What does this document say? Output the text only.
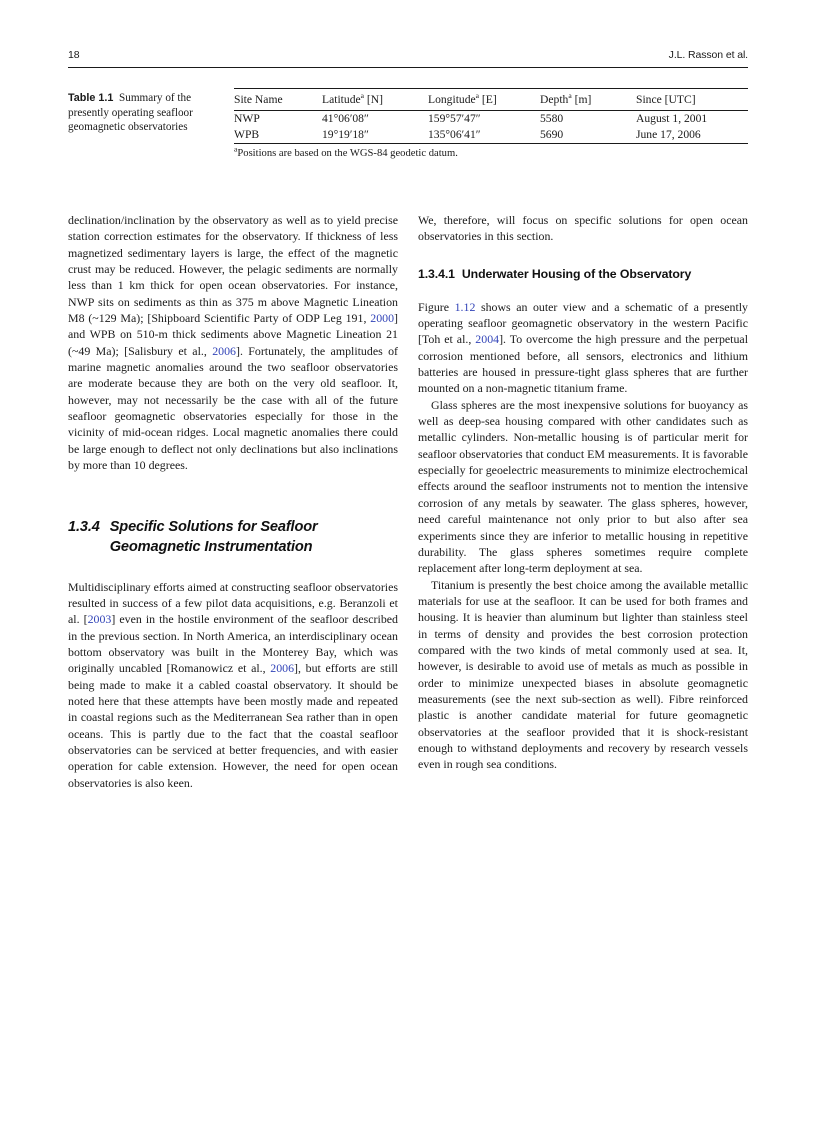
18	J.L. Rasson et al.
Table 1.1 Summary of the presently operating seafloor geomagnetic observatories
Site Name	Latitude$^a$ [N]	Longitude$^a$ [E]	Depth$^a$ [m]	Since [UTC]
NWP	41°06′08″	159°57′47″	5580	August 1, 2001
WPB	19°19′18″	135°06′41″	5690	June 17, 2006
$^a$Positions are based on the WGS-84 geodetic datum.

declination/inclination by the observatory as well as to yield precise station correction estimates for the observatory. If thickness of less magnetized sedimentary layers is large, the effect of the magnetic crust may be reduced. However, the pelagic sediments are normally less than 1 km thick for open ocean observatories. For instance, NWP sits on sediments as thin as 375 m above Magnetic Lineation M8 (~129 Ma); [Shipboard Scientific Party of ODP Leg 191, 2000] and WPB on 510-m thick sediments above Magnetic Lineation 21 (~49 Ma); [Salisbury et al., 2006]. Fortunately, the amplitudes of marine magnetic anomalies around the two seafloor observatories are moderate because they are both on the very old seafloor. It, however, may not necessarily be the case with all of the future seafloor geomagnetic observatories especially for those in the vicinity of mid-ocean ridges. Local magnetic anomalies there could be large enough to deflect not only declinations but also inclinations by more than 10 degrees.

1.3.4 Specific Solutions for Seafloor Geomagnetic Instrumentation

Multidisciplinary efforts aimed at constructing seafloor observatories resulted in success of a few pilot data acquisitions, e.g. Beranzoli et al. [2003] even in the hostile environment of the seafloor described in the previous section. In North America, an interdisciplinary ocean bottom observatory was built in the Monterey Bay, which was originally uncabled [Romanowicz et al., 2006], but efforts are still being made to make it a cabled coastal observatory. It should be noted here that these attempts have been mostly made and repeated in coastal regions such as the Mediterranean Sea rather than in open oceans. This is partly due to the fact that the coastal seafloor observatories can be serviced at better frequencies, and with easier operation for cable extension. However, the need for open ocean observatories is also keen.

We, therefore, will focus on specific solutions for open ocean observatories in this section.

1.3.4.1 Underwater Housing of the Observatory

Figure 1.12 shows an outer view and a schematic of a presently operating seafloor geomagnetic observatory in the western Pacific [Toh et al., 2004]. To overcome the high pressure and the perpetual corrosion mentioned before, all sensors, electronics and lithium batteries are housed in pressure-tight glass spheres that are further mounted on a non-magnetic titanium frame.

Glass spheres are the most inexpensive solutions for buoyancy as well as deep-sea housing compared with other candidates such as metallic cylinders. Non-metallic housing is of particular merit for seafloor observatories that conduct EM measurements. It is favorable especially for geoelectric measurements to minimize electrochemical effects around the seafloor instruments not to mention the intensive corrosion of any metals by seawater. The glass spheres, however, need careful maintenance not only prior to but also after sea experiments since they are inferior to metallic housing in repetitive durability. The glass spheres sometimes require complete replacement after long-term deployment at sea.

Titanium is presently the best choice among the available metallic materials for use at the seafloor. It can be used for both frames and housing. It is heavier than aluminum but lighter than stainless steel in terms of density and provides the best corrosion protection compared with the two kinds of metal commonly used at sea. It, however, is desirable to avoid use of metals as much as possible in order to minimize unexpected biases in absolute geomagnetic measurements (see the next sub-section as well). Fibre reinforced plastic is another candidate material for future geomagnetic observatories at the seafloor provided that it is shock-resistant enough to withstand deployments and recovery by research vessels even in rough sea conditions.
